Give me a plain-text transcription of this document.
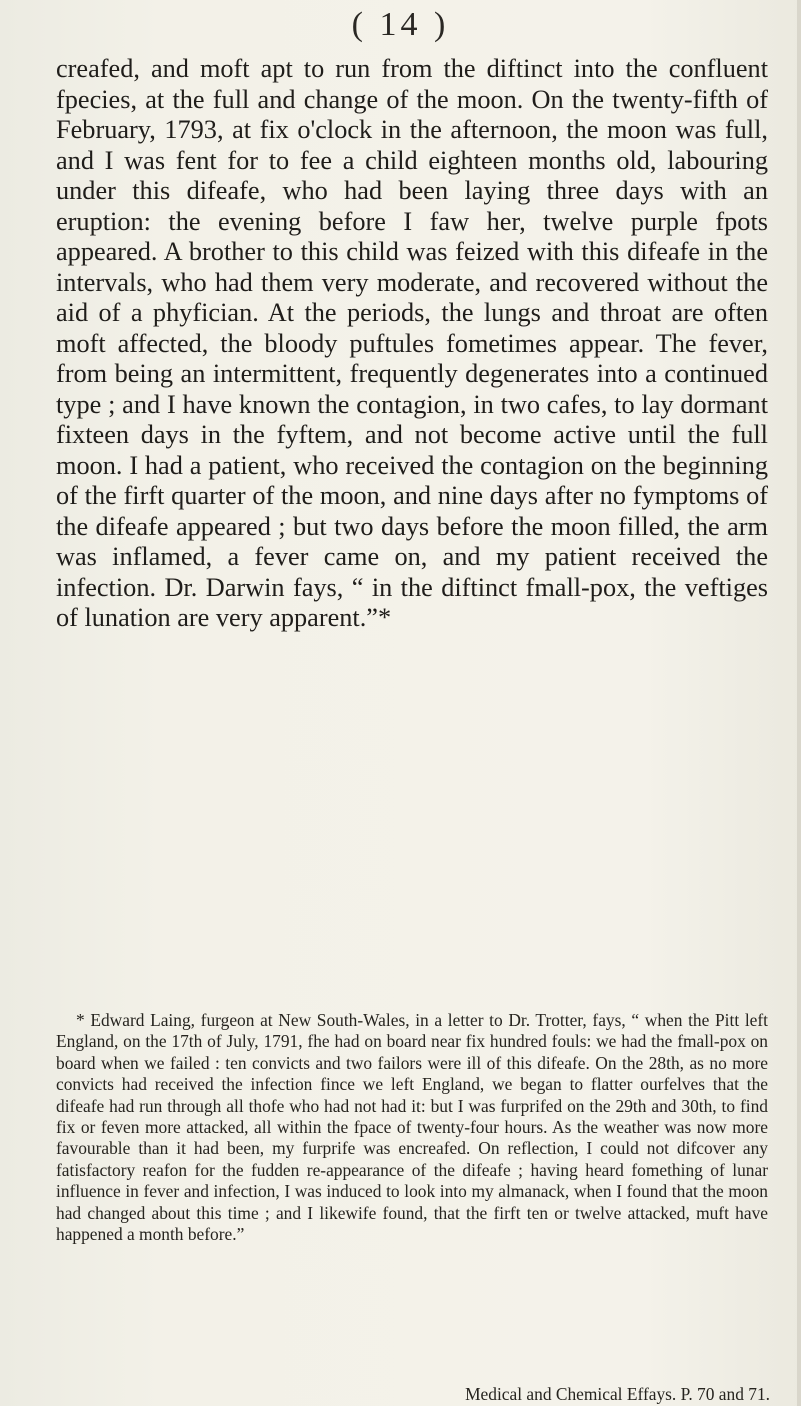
( 14 )

creafed, and moft apt to run from the diftinct into the confluent fpecies, at the full and change of the moon. On the twenty-fifth of February, 1793, at fix o'clock in the afternoon, the moon was full, and I was fent for to fee a child eighteen months old, labouring under this difeafe, who had been laying three days with an eruption: the evening before I faw her, twelve purple fpots appeared. A brother to this child was feized with this difeafe in the intervals, who had them very moderate, and recovered without the aid of a phyfician. At the periods, the lungs and throat are often moft affected, the bloody puftules fometimes appear. The fever, from being an intermittent, frequently degenerates into a continued type ; and I have known the contagion, in two cafes, to lay dormant fixteen days in the fyftem, and not become active until the full moon. I had a patient, who received the contagion on the beginning of the firft quarter of the moon, and nine days after no fymptoms of the difeafe appeared ; but two days before the moon filled, the arm was inflamed, a fever came on, and my patient received the infection. Dr. Darwin fays, “ in the diftinct fmall-pox, the veftiges of lunation are very apparent.”*

* Edward Laing, furgeon at New South-Wales, in a letter to Dr. Trotter, fays, “ when the Pitt left England, on the 17th of July, 1791, fhe had on board near fix hundred fouls: we had the fmall-pox on board when we failed : ten convicts and two failors were ill of this difeafe. On the 28th, as no more convicts had received the infection fince we left England, we began to flatter ourfelves that the difeafe had run through all thofe who had not had it: but I was furprifed on the 29th and 30th, to find fix or feven more attacked, all within the fpace of twenty-four hours. As the weather was now more favourable than it had been, my furprife was encreafed. On reflection, I could not difcover any fatisfactory reafon for the fudden re-appearance of the difeafe ; having heard fomething of lunar influence in fever and infection, I was induced to look into my almanack, when I found that the moon had changed about this time ; and I likewife found, that the firft ten or twelve attacked, muft have happened a month before.”

Medical and Chemical Effays. P. 70 and 71.
